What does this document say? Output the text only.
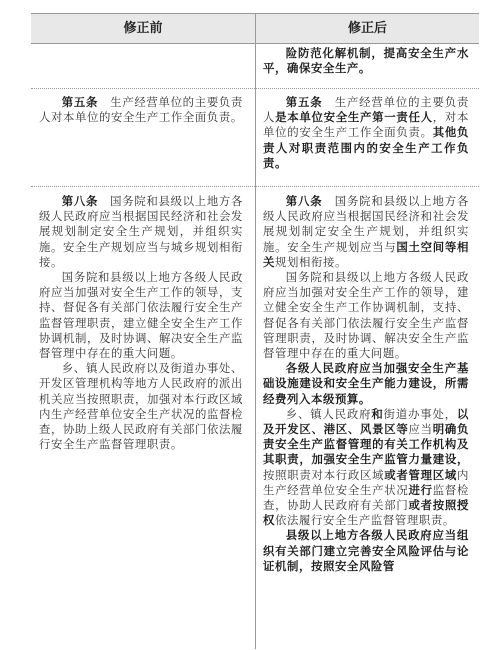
修正前	修正后

险防范化解机制，提高安全生产水平，确保安全生产。

第五条　生产经营单位的主要负责人对本单位的安全生产工作全面负责。

第五条　生产经营单位的主要负责人是本单位安全生产第一责任人，对本单位的安全生产工作全面负责。其他负责人对职责范围内的安全生产工作负责。

第八条　国务院和县级以上地方各级人民政府应当根据国民经济和社会发展规划制定安全生产规划，并组织实施。安全生产规划应当与城乡规划相衔接。

国务院和县级以上地方各级人民政府应当加强对安全生产工作的领导，支持、督促各有关部门依法履行安全生产监督管理职责，建立健全安全生产工作协调机制，及时协调、解决安全生产监督管理中存在的重大问题。

乡、镇人民政府以及街道办事处、开发区管理机构等地方人民政府的派出机关应当按照职责，加强对本行政区域内生产经营单位安全生产状况的监督检查，协助上级人民政府有关部门依法履行安全生产监督管理职责。

第八条　国务院和县级以上地方各级人民政府应当根据国民经济和社会发展规划制定安全生产规划，并组织实施。安全生产规划应当与国土空间等相关规划相衔接。

国务院和县级以上地方各级人民政府应当加强对安全生产工作的领导，建立健全安全生产工作协调机制，支持、督促各有关部门依法履行安全生产监督管理职责，及时协调、解决安全生产监督管理中存在的重大问题。

各级人民政府应当加强安全生产基础设施建设和安全生产能力建设，所需经费列入本级预算。

乡、镇人民政府和街道办事处，以及开发区、港区、风景区等应当明确负责安全生产监督管理的有关工作机构及其职责，加强安全生产监管力量建设，按照职责对本行政区域或者管理区域内生产经营单位安全生产状况进行监督检查，协助人民政府有关部门或者按照授权依法履行安全生产监督管理职责。

县级以上地方各级人民政府应当组织有关部门建立完善安全风险评估与论证机制，按照安全风险管
